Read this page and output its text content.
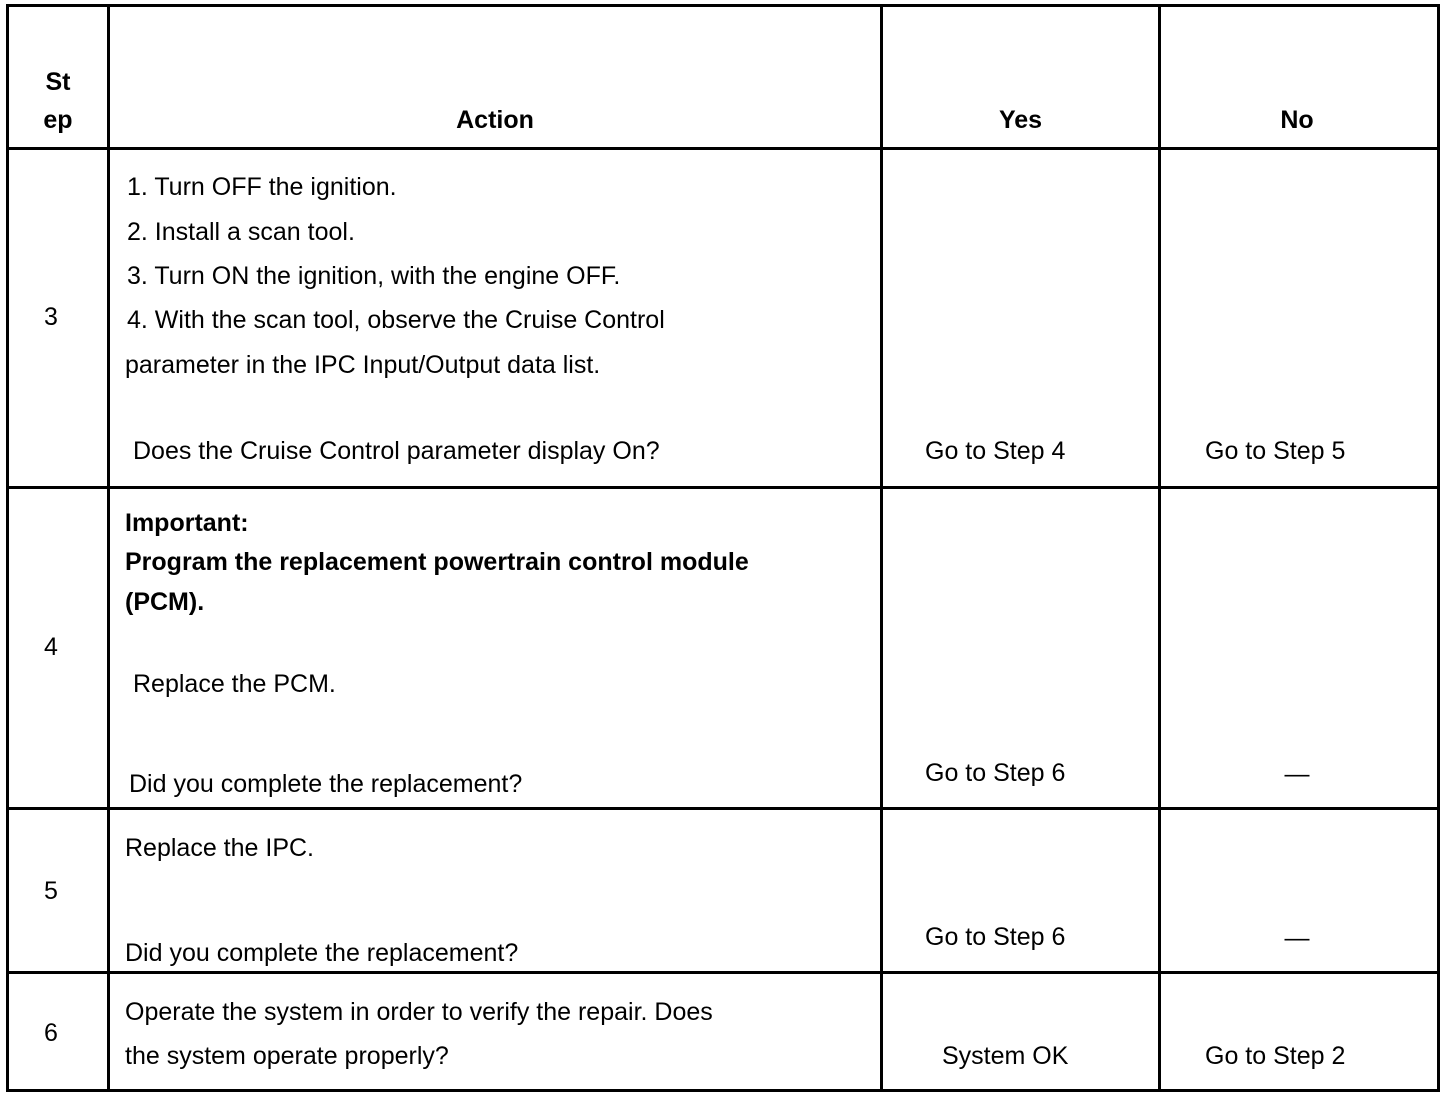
St
ep	Action	Yes	No
3
1. Turn OFF the ignition.
2. Install a scan tool.
3. Turn ON the ignition, with the engine OFF.
4. With the scan tool, observe the Cruise Control
parameter in the IPC Input/Output data list.
Does the Cruise Control parameter display On?	Go to Step 4	Go to Step 5
4
Important:
Program the replacement powertrain control module
(PCM).
Replace the PCM.
Did you complete the replacement?	Go to Step 6	—
5
Replace the IPC.
Did you complete the replacement?
Go to Step 6	—
6
Operate the system in order to verify the repair. Does
the system operate properly?	System OK	Go to Step 2
